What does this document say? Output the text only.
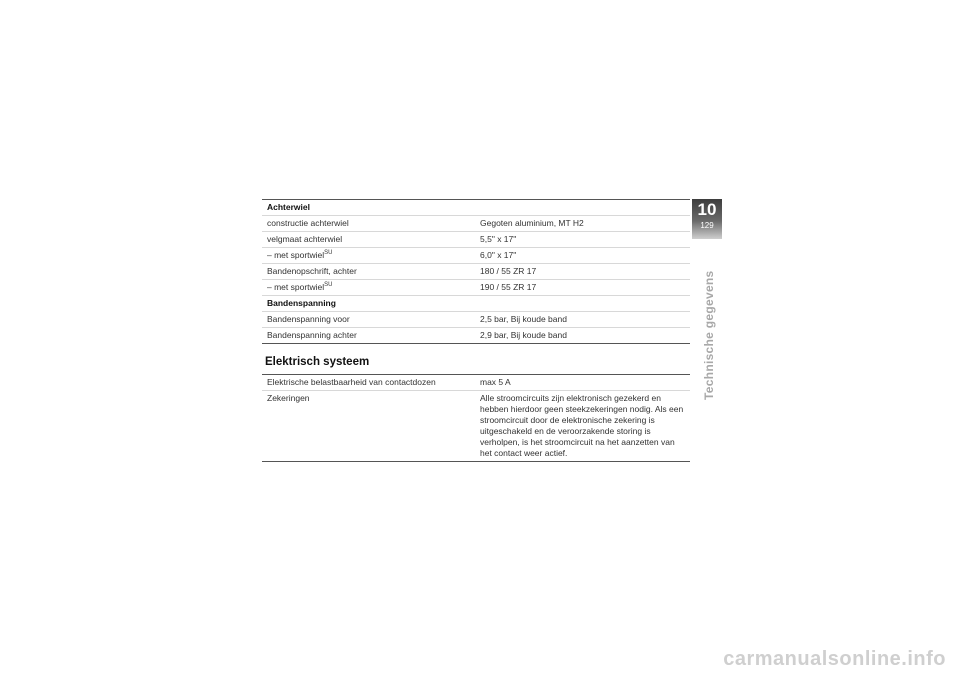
Achterwiel	
constructie achterwiel	Gegoten aluminium, MT H2
velgmaat achterwiel	5,5" x 17"
– met sportwiel$^{SU}$	6,0" x 17"
Bandenopschrift, achter	180 / 55 ZR 17
– met sportwiel$^{SU}$	190 / 55 ZR 17
Bandenspanning	
Bandenspanning voor	2,5 bar, Bij koude band
Bandenspanning achter	2,9 bar, Bij koude band
Elektrisch systeem
Elektrische belastbaarheid van contactdozen	max 5 A
Zekeringen	Alle stroomcircuits zijn elektronisch gezekerd en hebben hierdoor geen steekzekeringen nodig. Als een stroomcircuit door de elektronische zekering is uitgeschakeld en de veroorzakende storing is verholpen, is het stroomcircuit na het aanzetten van het contact weer actief.
10
129
Technische gegevens
carmanualsonline.info
